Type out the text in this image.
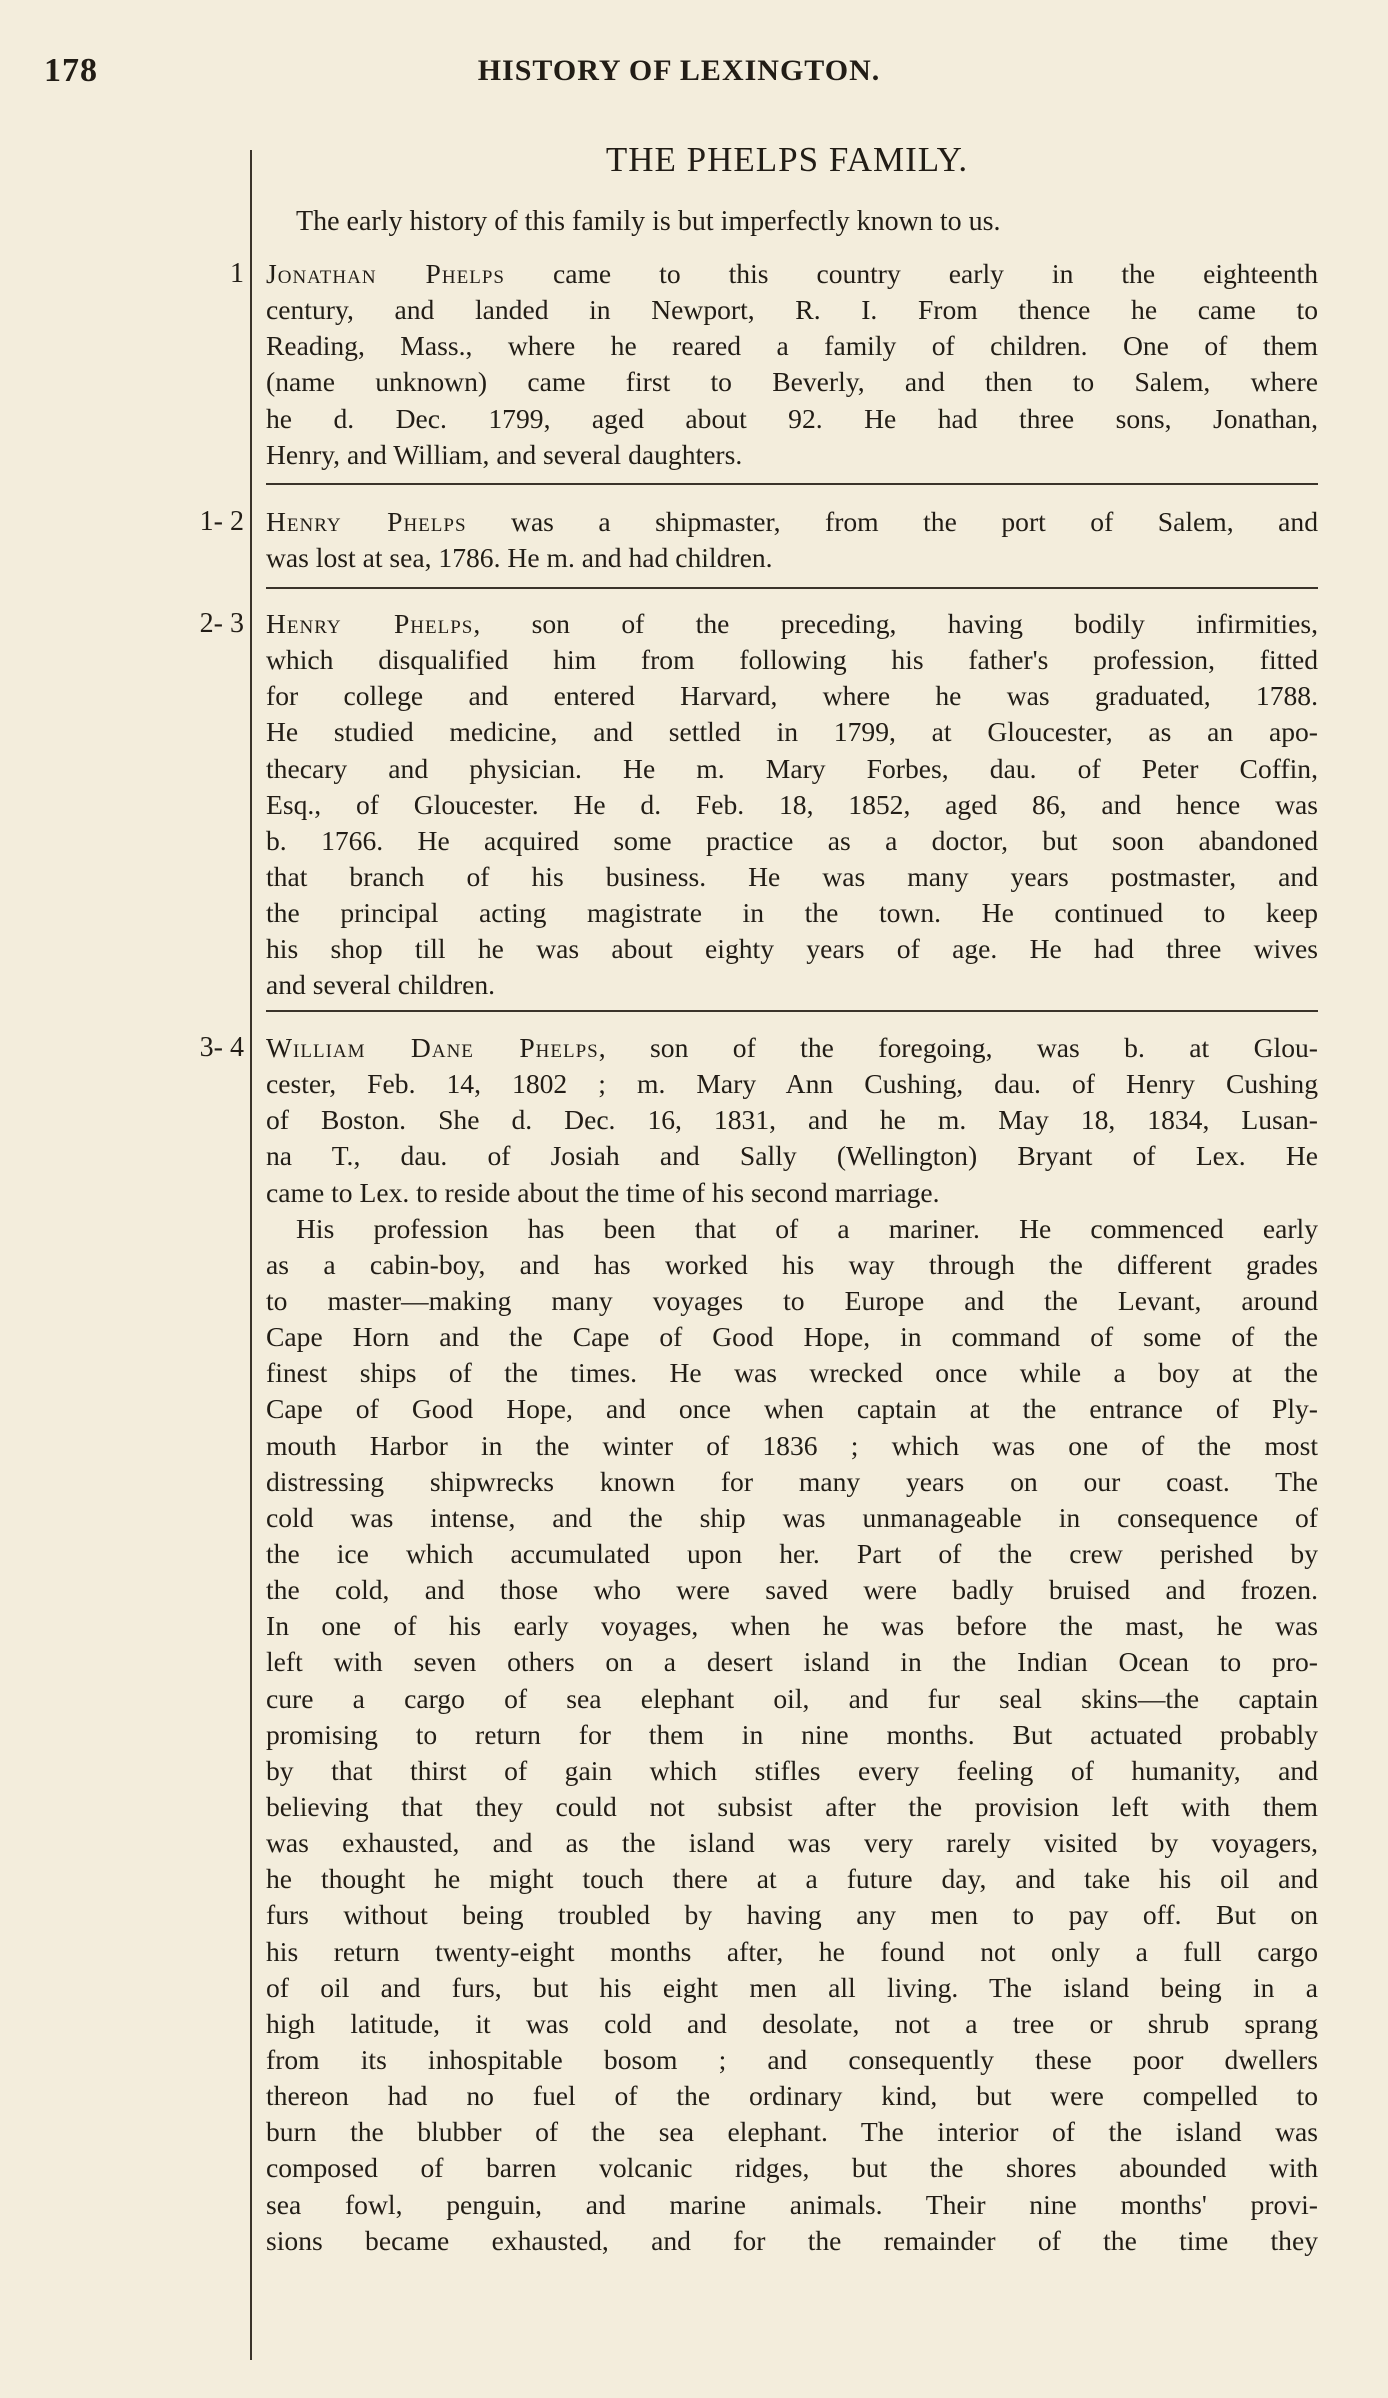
178	HISTORY OF LEXINGTON.
THE PHELPS FAMILY.
The early history of this family is but imperfectly known to us.
1 Jonathan Phelps came to this country early in the eighteenth
century, and landed in Newport, R. I. From thence he came to
Reading, Mass., where he reared a family of children. One of them
(name unknown) came first to Beverly, and then to Salem, where
he d. Dec. 1799, aged about 92. He had three sons, Jonathan,
Henry, and William, and several daughters.
1- 2 Henry Phelps was a shipmaster, from the port of Salem, and
was lost at sea, 1786. He m. and had children.
2- 3 Henry Phelps, son of the preceding, having bodily infirmities,
which disqualified him from following his father's profession, fitted
for college and entered Harvard, where he was graduated, 1788.
He studied medicine, and settled in 1799, at Gloucester, as an apo-
thecary and physician. He m. Mary Forbes, dau. of Peter Coffin,
Esq., of Gloucester. He d. Feb. 18, 1852, aged 86, and hence was
b. 1766. He acquired some practice as a doctor, but soon abandoned
that branch of his business. He was many years postmaster, and
the principal acting magistrate in the town. He continued to keep
his shop till he was about eighty years of age. He had three wives
and several children.
3- 4 William Dane Phelps, son of the foregoing, was b. at Glou-
cester, Feb. 14, 1802 ; m. Mary Ann Cushing, dau. of Henry Cushing
of Boston. She d. Dec. 16, 1831, and he m. May 18, 1834, Lusan-
na T., dau. of Josiah and Sally (Wellington) Bryant of Lex. He
came to Lex. to reside about the time of his second marriage.
His profession has been that of a mariner. He commenced early
as a cabin-boy, and has worked his way through the different grades
to master—making many voyages to Europe and the Levant, around
Cape Horn and the Cape of Good Hope, in command of some of the
finest ships of the times. He was wrecked once while a boy at the
Cape of Good Hope, and once when captain at the entrance of Ply-
mouth Harbor in the winter of 1836 ; which was one of the most
distressing shipwrecks known for many years on our coast. The
cold was intense, and the ship was unmanageable in consequence of
the ice which accumulated upon her. Part of the crew perished by
the cold, and those who were saved were badly bruised and frozen.
In one of his early voyages, when he was before the mast, he was
left with seven others on a desert island in the Indian Ocean to pro-
cure a cargo of sea elephant oil, and fur seal skins—the captain
promising to return for them in nine months. But actuated probably
by that thirst of gain which stifles every feeling of humanity, and
believing that they could not subsist after the provision left with them
was exhausted, and as the island was very rarely visited by voyagers,
he thought he might touch there at a future day, and take his oil and
furs without being troubled by having any men to pay off. But on
his return twenty-eight months after, he found not only a full cargo
of oil and furs, but his eight men all living. The island being in a
high latitude, it was cold and desolate, not a tree or shrub sprang
from its inhospitable bosom ; and consequently these poor dwellers
thereon had no fuel of the ordinary kind, but were compelled to
burn the blubber of the sea elephant. The interior of the island was
composed of barren volcanic ridges, but the shores abounded with
sea fowl, penguin, and marine animals. Their nine months' provi-
sions became exhausted, and for the remainder of the time they
